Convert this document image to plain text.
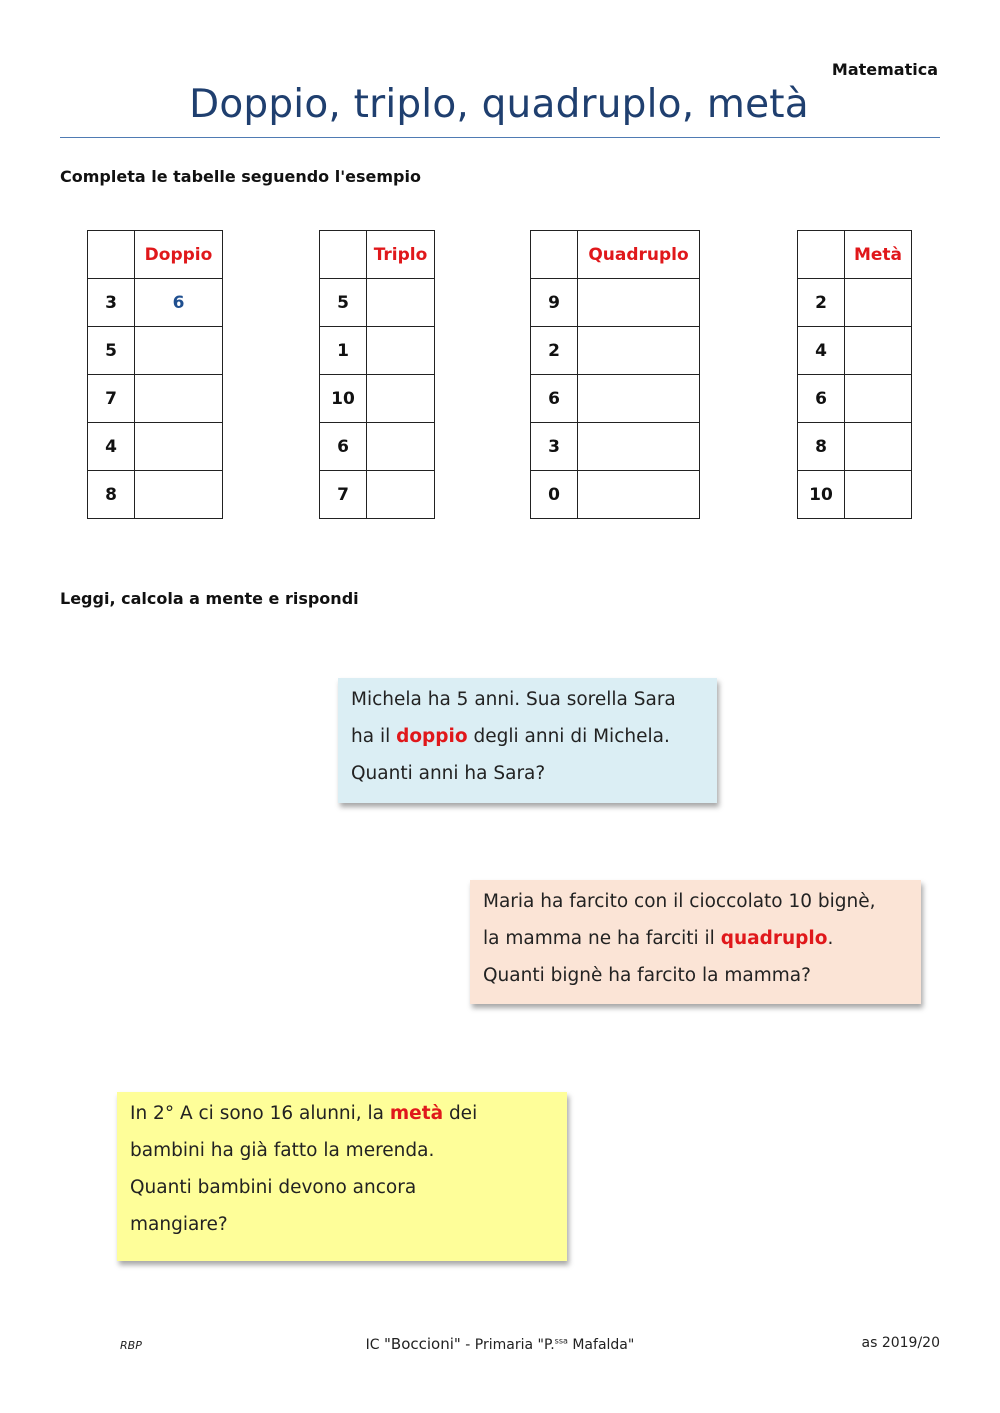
Matematica
Doppio, triplo, quadruplo, metà
Completa le tabelle seguendo l'esempio
	Doppio
3	6
5	
7	
4	
8	
	Triplo
5	
1	
10	
6	
7	
	Quadruplo
9	
2	
6	
3	
0	
	Metà
2	
4	
6	
8	
10	
Leggi, calcola a mente e rispondi
Michela ha 5 anni. Sua sorella Sara
ha il doppio degli anni di Michela.
Quanti anni ha Sara?
Maria ha farcito con il cioccolato 10 bignè,
la mamma ne ha farciti il quadruplo.
Quanti bignè ha farcito la mamma?
In 2° A ci sono 16 alunni, la metà dei
bambini ha già fatto la merenda.
Quanti bambini devono ancora
mangiare?
RBP	IC "Boccioni" - Primaria "P.$^{ssa}$ Mafalda"	as 2019/20
